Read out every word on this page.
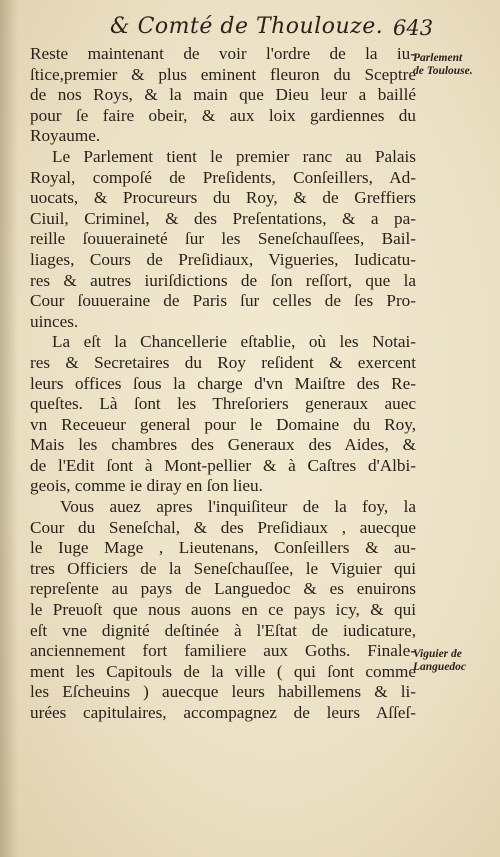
& Comté de Thoulouze. 643
Reste maintenant de voir l'ordre de la iu-
ſtice,premier & plus eminent fleuron du Sceptre
de nos Roys, & la main que Dieu leur a baillé
pour ſe faire obeir, & aux loix gardiennes du
Royaume.
Le Parlement tient le premier ranc au Palais
Royal, compoſé de Preſidents, Conſeillers, Ad-
uocats, & Procureurs du Roy, & de Greffiers
Ciuil, Criminel, & des Preſentations, & a pa-
reille ſouueraineté ſur les Seneſchauſſees, Bail-
liages, Cours de Preſidiaux, Vigueries, Iudicatu-
res & autres iuriſdictions de ſon reſſort, que la
Cour ſouueraine de Paris ſur celles de ſes Pro-
uinces.
La eſt la Chancellerie eſtablie, où les Notai-
res & Secretaires du Roy reſident & exercent
leurs offices ſous la charge d'vn Maiſtre des Re-
queſtes. Là ſont les Threſoriers generaux auec
vn Receueur general pour le Domaine du Roy,
Mais les chambres des Generaux des Aides, &
de l'Edit ſont à Mont-pellier & à Caſtres d'Albi-
geois, comme ie diray en ſon lieu.
Vous auez apres l'inquiſiteur de la foy, la
Cour du Seneſchal, & des Preſidiaux , auecque
le Iuge Mage , Lieutenans, Conſeillers & au-
tres Officiers de la Seneſchauſſee, le Viguier qui
repreſente au pays de Languedoc & es enuirons
le Preuoſt que nous auons en ce pays icy, & qui
eſt vne dignité deſtinée à l'Eſtat de iudicature,
anciennement fort familiere aux Goths. Finale-
ment les Capitouls de la ville ( qui ſont comme
les Eſcheuins ) auecque leurs habillemens & li-
urées capitulaires, accompagnez de leurs Aſſeſ-
Parlement
de Toulouse.
Viguier de
Languedoc
